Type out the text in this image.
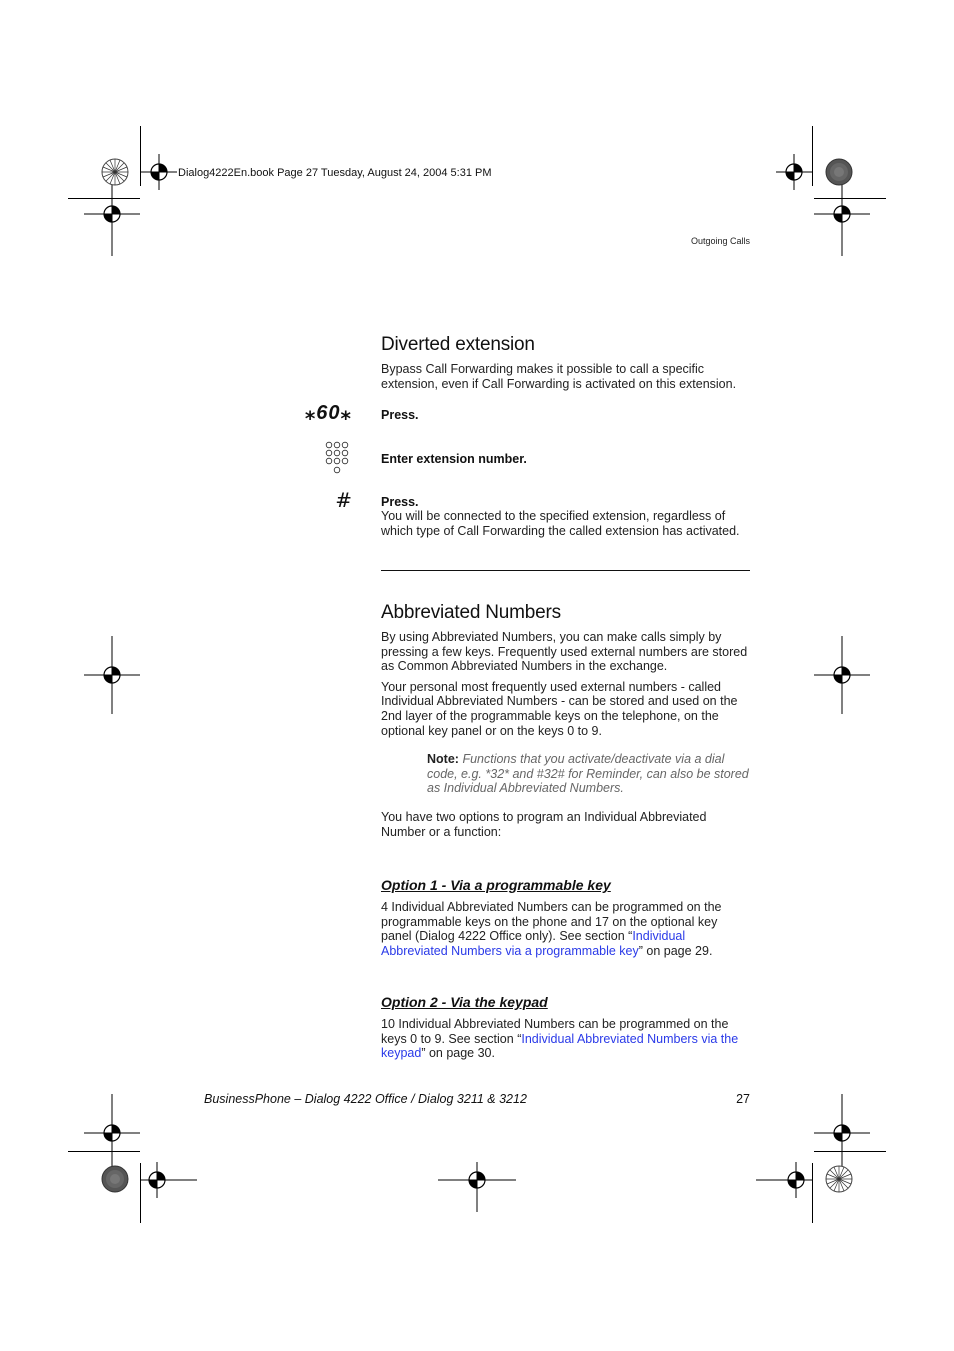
Dialog4222En.book Page 27 Tuesday, August 24, 2004 5:31 PM
Outgoing Calls
Diverted extension

Bypass Call Forwarding makes it possible to call a specific extension, even if Call Forwarding is activated on this extension.

⁎60⁎ Press.
Enter extension number.
# Press.
You will be connected to the specified extension, regardless of which type of Call Forwarding the called extension has activated.
Abbreviated Numbers

By using Abbreviated Numbers, you can make calls simply by pressing a few keys. Frequently used external numbers are stored as Common Abbreviated Numbers in the exchange.

Your personal most frequently used external numbers - called Individual Abbreviated Numbers - can be stored and used on the 2nd layer of the programmable keys on the telephone, on the optional key panel or on the keys 0 to 9.

Note: Functions that you activate/deactivate via a dial code, e.g. *32* and #32# for Reminder, can also be stored as Individual Abbreviated Numbers.

You have two options to program an Individual Abbreviated Number or a function:

Option 1 - Via a programmable key

4 Individual Abbreviated Numbers can be programmed on the programmable keys on the phone and 17 on the optional key panel (Dialog 4222 Office only). See section “Individual Abbreviated Numbers via a programmable key” on page 29.

Option 2 - Via the keypad

10 Individual Abbreviated Numbers can be programmed on the keys 0 to 9. See section “Individual Abbreviated Numbers via the keypad” on page 30.

BusinessPhone – Dialog 4222 Office / Dialog 3211 & 3212	27
